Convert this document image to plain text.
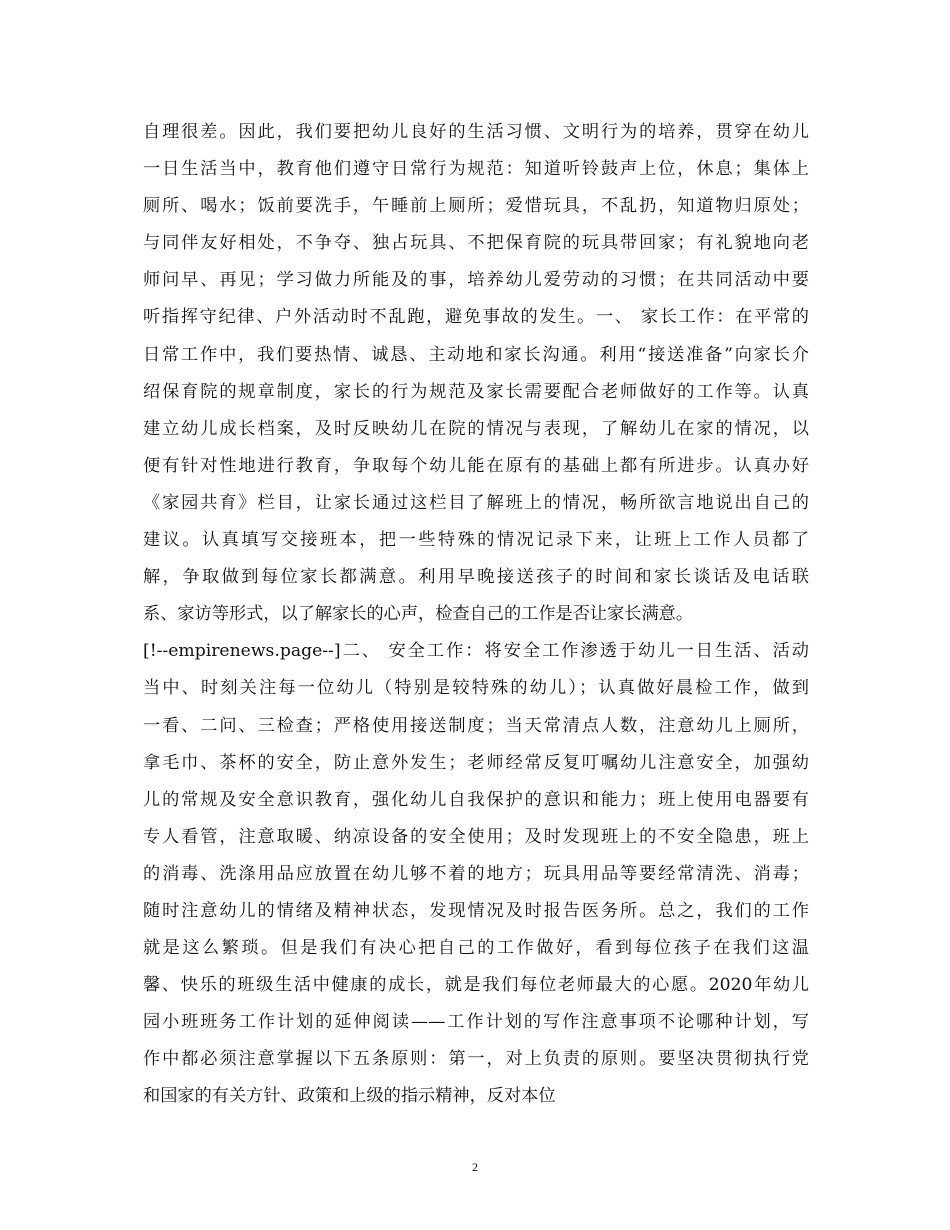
自理很差。因此，我们要把幼儿良好的生活习惯、文明行为的培养，贯穿在幼儿
一日生活当中，教育他们遵守日常行为规范：知道听铃鼓声上位，休息；集体上
厕所、喝水；饭前要洗手，午睡前上厕所；爱惜玩具，不乱扔，知道物归原处；
与同伴友好相处，不争夺、独占玩具、不把保育院的玩具带回家；有礼貌地向老
师问早、再见；学习做力所能及的事，培养幼儿爱劳动的习惯；在共同活动中要
听指挥守纪律、户外活动时不乱跑，避免事故的发生。一、 家长工作：在平常的
日常工作中，我们要热情、诚恳、主动地和家长沟通。利用“接送准备”向家长介
绍保育院的规章制度，家长的行为规范及家长需要配合老师做好的工作等。认真
建立幼儿成长档案，及时反映幼儿在院的情况与表现，了解幼儿在家的情况，以
便有针对性地进行教育，争取每个幼儿能在原有的基础上都有所进步。认真办好
《家园共育》栏目，让家长通过这栏目了解班上的情况，畅所欲言地说出自己的
建议。认真填写交接班本，把一些特殊的情况记录下来，让班上工作人员都了
解，争取做到每位家长都满意。利用早晚接送孩子的时间和家长谈话及电话联
系、家访等形式，以了解家长的心声，检查自己的工作是否让家长满意。
[!--empirenews.page--]二、 安全工作：将安全工作渗透于幼儿一日生活、活动
当中、时刻关注每一位幼儿（特别是较特殊的幼儿）；认真做好晨检工作，做到
一看、二问、三检查；严格使用接送制度；当天常清点人数，注意幼儿上厕所，
拿毛巾、茶杯的安全，防止意外发生；老师经常反复叮嘱幼儿注意安全，加强幼
儿的常规及安全意识教育，强化幼儿自我保护的意识和能力；班上使用电器要有
专人看管，注意取暖、纳凉设备的安全使用；及时发现班上的不安全隐患，班上
的消毒、洗涤用品应放置在幼儿够不着的地方；玩具用品等要经常清洗、消毒；
随时注意幼儿的情绪及精神状态，发现情况及时报告医务所。总之，我们的工作
就是这么繁琐。但是我们有决心把自己的工作做好，看到每位孩子在我们这温
馨、快乐的班级生活中健康的成长，就是我们每位老师最大的心愿。2020年幼儿
园小班班务工作计划的延伸阅读——工作计划的写作注意事项不论哪种计划，写
作中都必须注意掌握以下五条原则：第一，对上负责的原则。要坚决贯彻执行党
和国家的有关方针、政策和上级的指示精神，反对本位
2
